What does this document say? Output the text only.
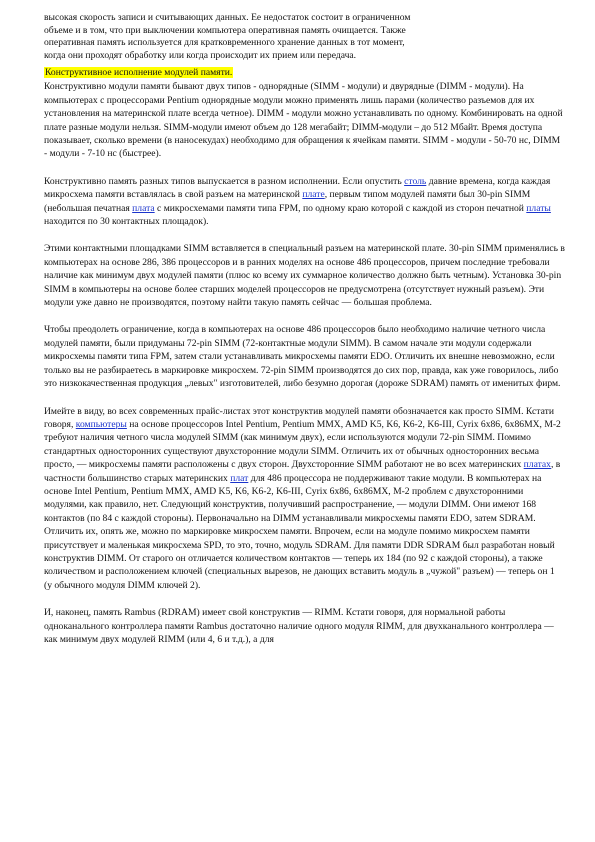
высокая скорость записи и считывающих данных. Ее недостаток состоит в ограниченном
объеме и в том, что при выключении компьютера оперативная память очищается. Также
оперативная память используется для кратковременного хранение данных в тот момент,
когда они проходят обработку или когда происходит их прием или передача.
Конструктивное исполнение модулей памяти.

Конструктивно модули памяти бывают двух типов - однорядные (SIMM - модули) и двурядные (DIMM - модули). На компьютерах с процессорами Pentium однорядные модули можно применять лишь парами (количество разъемов для их установления на материнской плате всегда четное). DIMM - модули можно устанавливать по одному. Комбинировать на одной плате разные модули нельзя. SIMM-модули имеют объем до 128 мегабайт; DIMM-модули – до 512 Мбайт. Время доступа показывает, сколько времени (в наносекудах) необходимо для обращения к ячейкам памяти. SIMM - модули - 50-70 нс, DIMM - модули - 7-10 нс (быстрее).

Конструктивно память разных типов выпускается в разном исполнении. Если опустить столь давние времена, когда каждая микросхема памяти вставлялась в свой разъем на материнской плате, первым типом модулей памяти был 30-pin SIMM (небольшая печатная плата с микросхемами памяти типа FPM, по одному краю которой с каждой из сторон печатной платы находится по 30 контактных площадок).

Этими контактными площадками SIMM вставляется в специальный разъем на материнской плате. 30-pin SIMM применялись в компьютерах на основе 286, 386 процессоров и в ранних моделях на основе 486 процессоров, причем последние требовали наличие как минимум двух модулей памяти (плюс ко всему их суммарное количество должно быть четным). Установка 30-pin SIMM в компьютеры на основе более старших моделей процессоров не предусмотрена (отсутствует нужный разъем). Эти модули уже давно не производятся, поэтому найти такую память сейчас — большая проблема.

Чтобы преодолеть ограничение, когда в компьютерах на основе 486 процессоров было необходимо наличие четного числа модулей памяти, были придуманы 72-pin SIMM (72-контактные модули SIMM). В самом начале эти модули содержали микросхемы памяти типа FPM, затем стали устанавливать микросхемы памяти EDO. Отличить их внешне невозможно, если только вы не разбираетесь в маркировке микросхем. 72-pin SIMM производятся до сих пор, правда, как уже говорилось, либо это низкокачественная продукция „левых" изготовителей, либо безумно дорогая (дороже SDRAM) память от именитых фирм.

Имейте в виду, во всех современных прайс-листах этот конструктив модулей памяти обозначается как просто SIMM. Кстати говоря, компьютеры на основе процессоров Intel Pentium, Pentium MMX, AMD K5, K6, K6-2, K6-III, Cyrix 6x86, 6x86MX, M-2 требуют наличия четного числа модулей SIMM (как минимум двух), если используются модули 72-pin SIMM. Помимо стандартных односторонних существуют двухсторонние модули SIMM. Отличить их от обычных односторонних весьма просто, — микросхемы памяти расположены с двух сторон. Двухсторонние SIMM работают не во всех материнских платах, в частности большинство старых материнских плат для 486 процессора не поддерживают такие модули. В компьютерах на основе Intel Pentium, Pentium MMX, AMD K5, K6, K6-2, K6-III, Cyrix 6x86, 6x86MX, M-2 проблем с двухсторонними модулями, как правило, нет. Следующий конструктив, получивший распространение, — модули DIMM. Они имеют 168 контактов (по 84 с каждой стороны). Первоначально на DIMM устанавливали микросхемы памяти EDO, затем SDRAM. Отличить их, опять же, можно по маркировке микросхем памяти. Впрочем, если на модуле помимо микросхем памяти присутствует и маленькая микросхема SPD, то это, точно, модуль SDRAM. Для памяти DDR SDRAM был разработан новый конструктив DIMM. От старого он отличается количеством контактов — теперь их 184 (по 92 с каждой стороны), а также количеством и расположением ключей (специальных вырезов, не дающих вставить модуль в „чужой" разъем) — теперь он 1 (у обычного модуля DIMM ключей 2).

И, наконец, память Rambus (RDRAM) имеет свой конструктив — RIMM. Кстати говоря, для нормальной работы одноканального контроллера памяти Rambus достаточно наличие одного модуля RIMM, для двухканального контроллера — как минимум двух модулей RIMM (или 4, 6 и т.д.), а для
